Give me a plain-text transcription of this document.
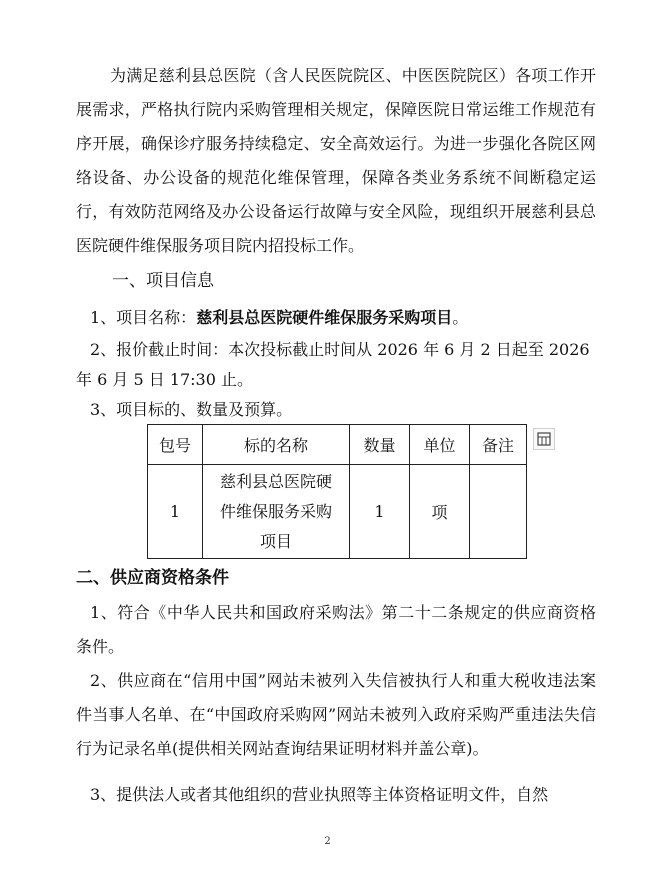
为满足慈利县总医院（含人民医院院区、中医医院院区）各项工作开展需求，严格执行院内采购管理相关规定，保障医院日常运维工作规范有序开展，确保诊疗服务持续稳定、安全高效运行。为进一步强化各院区网络设备、办公设备的规范化维保管理，保障各类业务系统不间断稳定运行，有效防范网络及办公设备运行故障与安全风险，现组织开展慈利县总医院硬件维保服务项目院内招投标工作。
一、项目信息
1、项目名称：慈利县总医院硬件维保服务采购项目。
2、报价截止时间：本次投标截止时间从 2026 年 6 月 2 日起至 2026
年 6 月 5 日 17:30 止。
3、项目标的、数量及预算。
包号	标的名称	数量	单位	备注
1	慈利县总医院硬
件维保服务采购
项目	1	项	
二、供应商资格条件
1、符合《中华人民共和国政府采购法》第二十二条规定的供应商资格条件。
2、供应商在“信用中国”网站未被列入失信被执行人和重大税收违法案件当事人名单、在“中国政府采购网”网站未被列入政府采购严重违法失信行为记录名单(提供相关网站查询结果证明材料并盖公章)。
3、提供法人或者其他组织的营业执照等主体资格证明文件，自然
2
